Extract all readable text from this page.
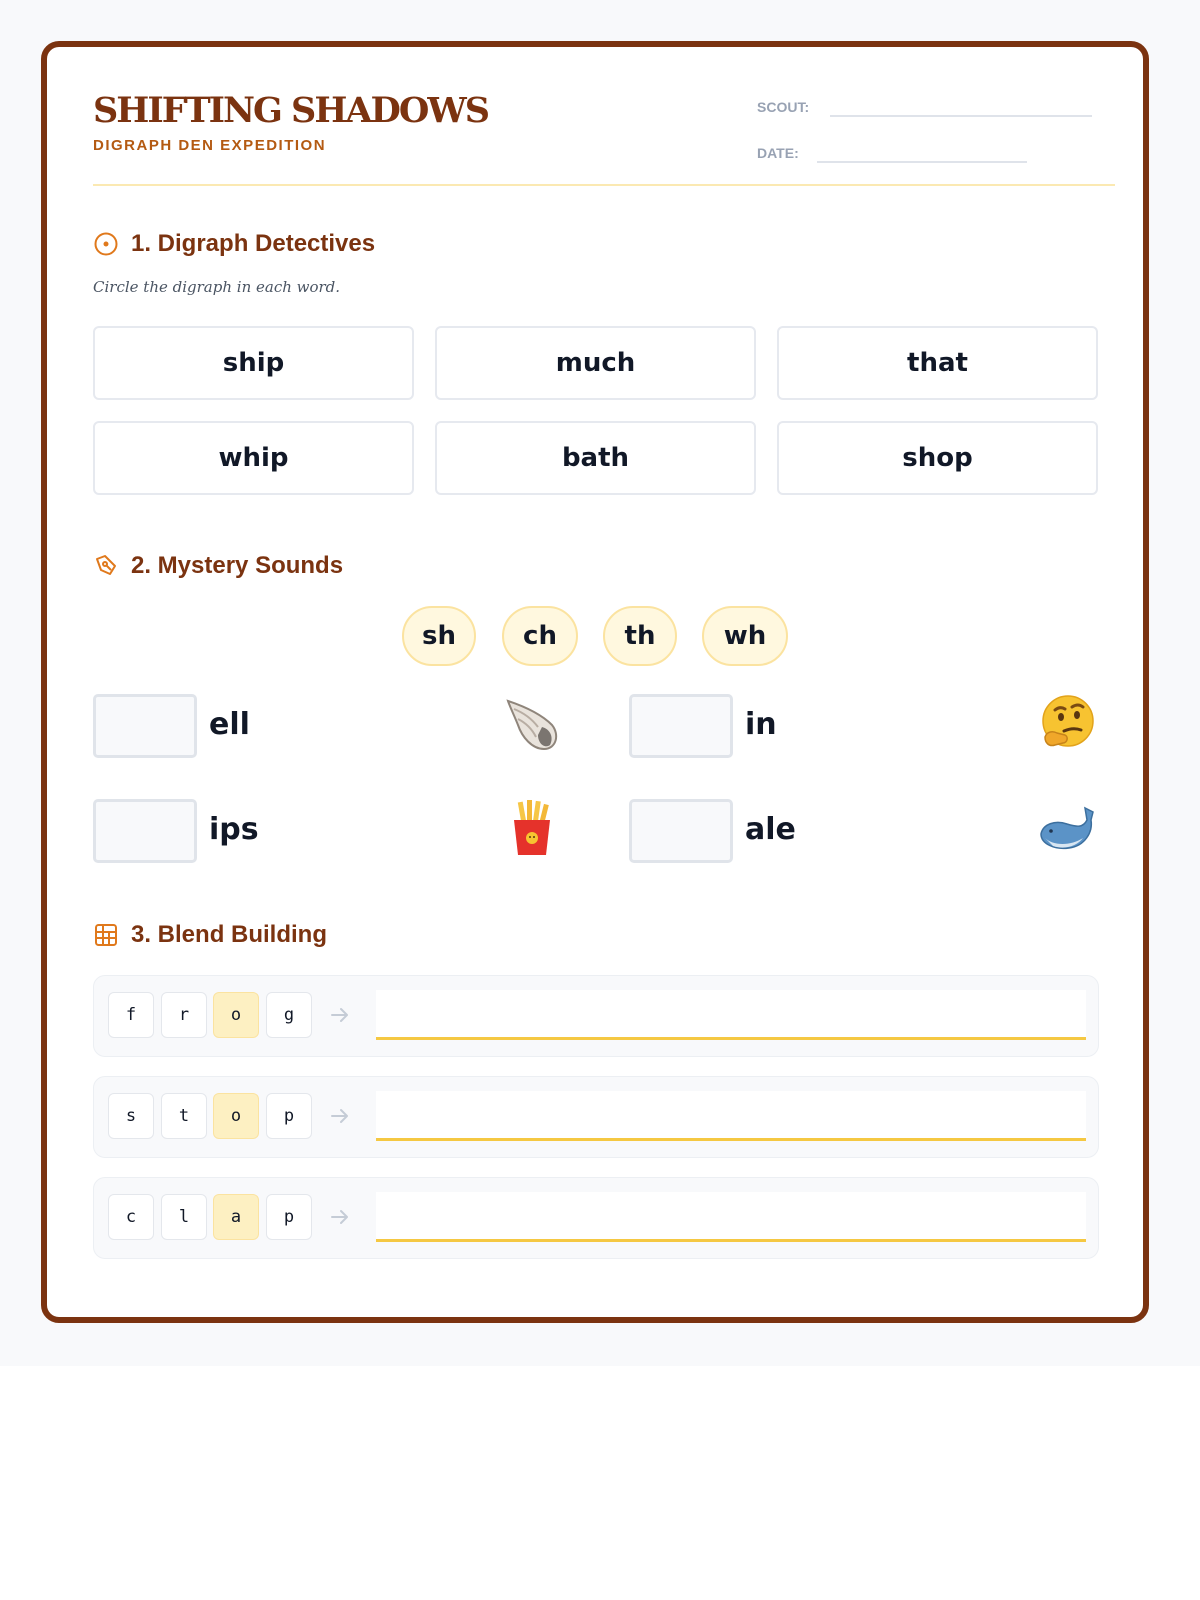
SHIFTING SHADOWS
DIGRAPH DEN EXPEDITION
SCOUT:
DATE:
1. Digraph Detectives
Circle the digraph in each word.
ship	much	that
whip	bath	shop
2. Mystery Sounds
sh	ch	th	wh
ell	in
ips	ale
3. Blend Building
f	r	o	g
s	t	o	p
c	l	a	p
